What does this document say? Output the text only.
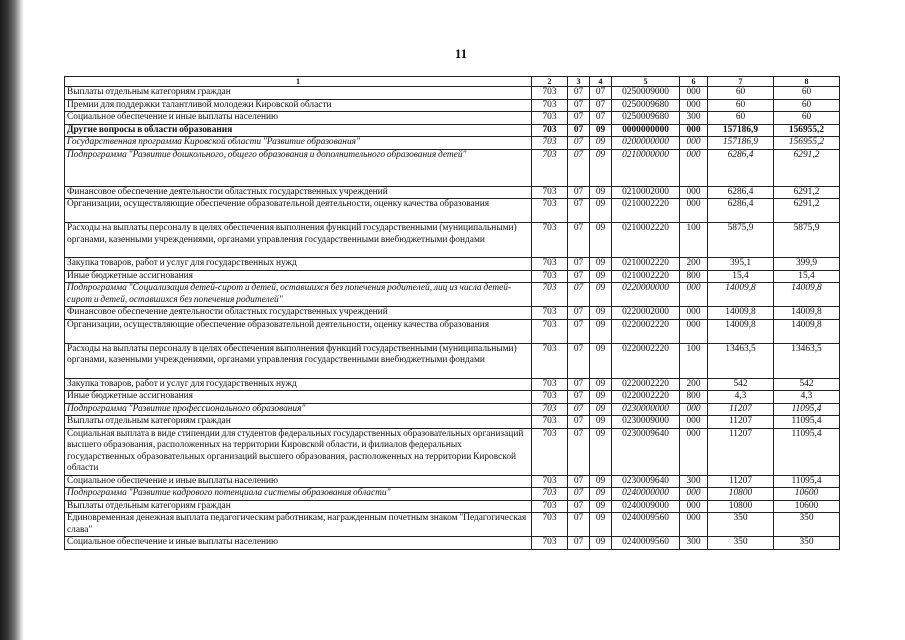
11
1	2	3	4	5	6	7	8
Выплаты отдельным категориям граждан	703	07	07	0250009000	000	60	60
Премии для поддержки талантливой молодежи Кировской области	703	07	07	0250009680	000	60	60
Социальное обеспечение и иные выплаты населению	703	07	07	0250009680	300	60	60
Другие вопросы в области образования	703	07	09	0000000000	000	157186,9	156955,2
Государственная программа Кировской области "Развитие образования"	703	07	09	0200000000	000	157186,9	156955,2
Подпрограмма "Развитие дошкольного, общего образования и дополнительного образования детей"	703	07	09	0210000000	000	6286,4	6291,2
Финансовое обеспечение деятельности областных государственных учреждений	703	07	09	0210002000	000	6286,4	6291,2
Организации, осуществляющие обеспечение образовательной деятельности, оценку качества образования	703	07	09	0210002220	000	6286,4	6291,2
Расходы на выплаты персоналу в целях обеспечения выполнения функций государственными (муниципальными) органами, казенными учреждениями, органами управления государственными внебюджетными фондами	703	07	09	0210002220	100	5875,9	5875,9
Закупка товаров, работ и услуг для государственных нужд	703	07	09	0210002220	200	395,1	399,9
Иные бюджетные ассигнования	703	07	09	0210002220	800	15,4	15,4
Подпрограмма "Социализация детей-сирот и детей, оставшихся без попечения родителей, лиц из числа детей-сирот и детей, оставшихся без попечения родителей"	703	07	09	0220000000	000	14009,8	14009,8
Финансовое обеспечение деятельности областных государственных учреждений	703	07	09	0220002000	000	14009,8	14009,8
Организации, осуществляющие обеспечение образовательной деятельности, оценку качества образования	703	07	09	0220002220	000	14009,8	14009,8
Расходы на выплаты персоналу в целях обеспечения выполнения функций государственными (муниципальными) органами, казенными учреждениями, органами управления государственными внебюджетными фондами	703	07	09	0220002220	100	13463,5	13463,5
Закупка товаров, работ и услуг для государственных нужд	703	07	09	0220002220	200	542	542
Иные бюджетные ассигнования	703	07	09	0220002220	800	4,3	4,3
Подпрограмма "Развитие профессионального образования"	703	07	09	0230000000	000	11207	11095,4
Выплаты отдельным категориям граждан	703	07	09	0230009000	000	11207	11095,4
Социальная выплата в виде стипендии для студентов федеральных государственных образовательных организаций высшего образования, расположенных на территории Кировской области, и филиалов федеральных государственных образовательных организаций высшего образования, расположенных на территории Кировской области	703	07	09	0230009640	000	11207	11095,4
Социальное обеспечение и иные выплаты населению	703	07	09	0230009640	300	11207	11095,4
Подпрограмма "Развитие кадрового потенциала системы образования области"	703	07	09	0240000000	000	10800	10600
Выплаты отдельным категориям граждан	703	07	09	0240009000	000	10800	10600
Единовременная денежная выплата педагогическим работникам, награжденным почетным знаком "Педагогическая слава"	703	07	09	0240009560	000	350	350
Социальное обеспечение и иные выплаты населению	703	07	09	0240009560	300	350	350
